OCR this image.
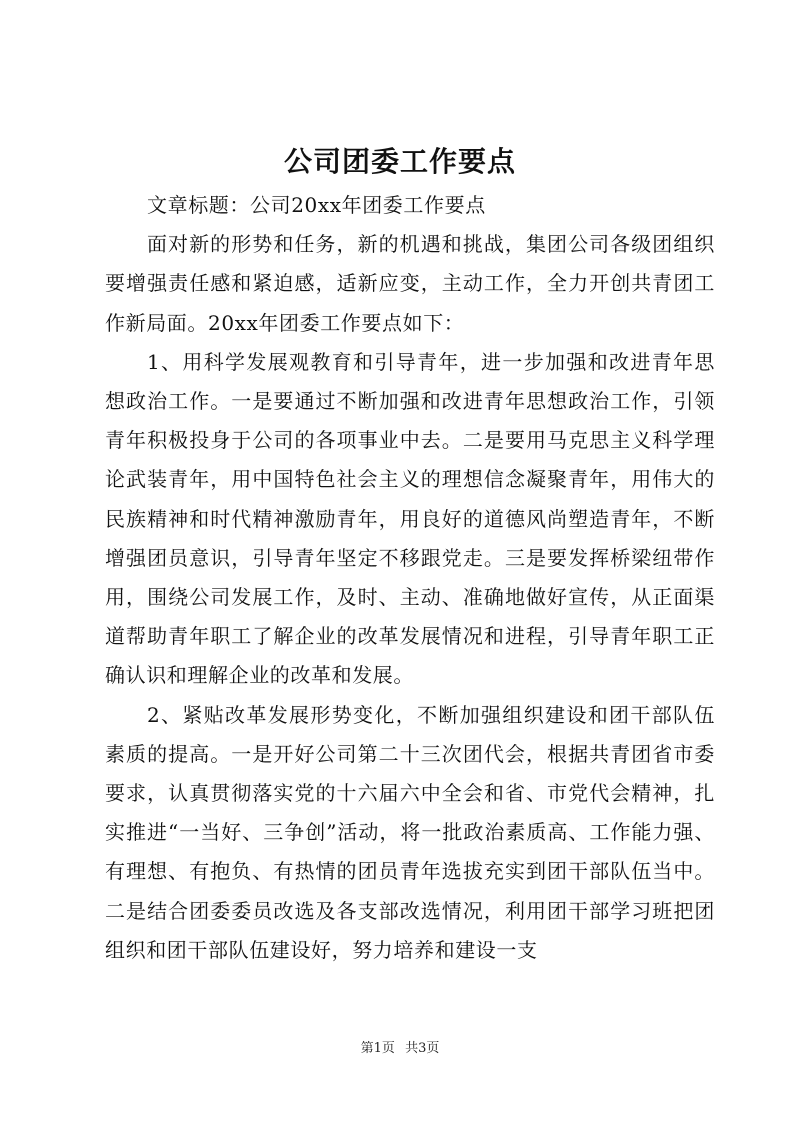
公司团委工作要点

文章标题：公司20xx年团委工作要点

面对新的形势和任务，新的机遇和挑战，集团公司各级团组织要增强责任感和紧迫感，适新应变，主动工作，全力开创共青团工作新局面。20xx年团委工作要点如下：

1、用科学发展观教育和引导青年，进一步加强和改进青年思想政治工作。一是要通过不断加强和改进青年思想政治工作，引领青年积极投身于公司的各项事业中去。二是要用马克思主义科学理论武装青年，用中国特色社会主义的理想信念凝聚青年，用伟大的民族精神和时代精神激励青年，用良好的道德风尚塑造青年，不断增强团员意识，引导青年坚定不移跟党走。三是要发挥桥梁纽带作用，围绕公司发展工作，及时、主动、准确地做好宣传，从正面渠道帮助青年职工了解企业的改革发展情况和进程，引导青年职工正确认识和理解企业的改革和发展。

2、紧贴改革发展形势变化，不断加强组织建设和团干部队伍素质的提高。一是开好公司第二十三次团代会，根据共青团省市委要求，认真贯彻落实党的十六届六中全会和省、市党代会精神，扎实推进“一当好、三争创”活动，将一批政治素质高、工作能力强、有理想、有抱负、有热情的团员青年选拔充实到团干部队伍当中。二是结合团委委员改选及各支部改选情况，利用团干部学习班把团组织和团干部队伍建设好，努力培养和建设一支

第1页 共3页
